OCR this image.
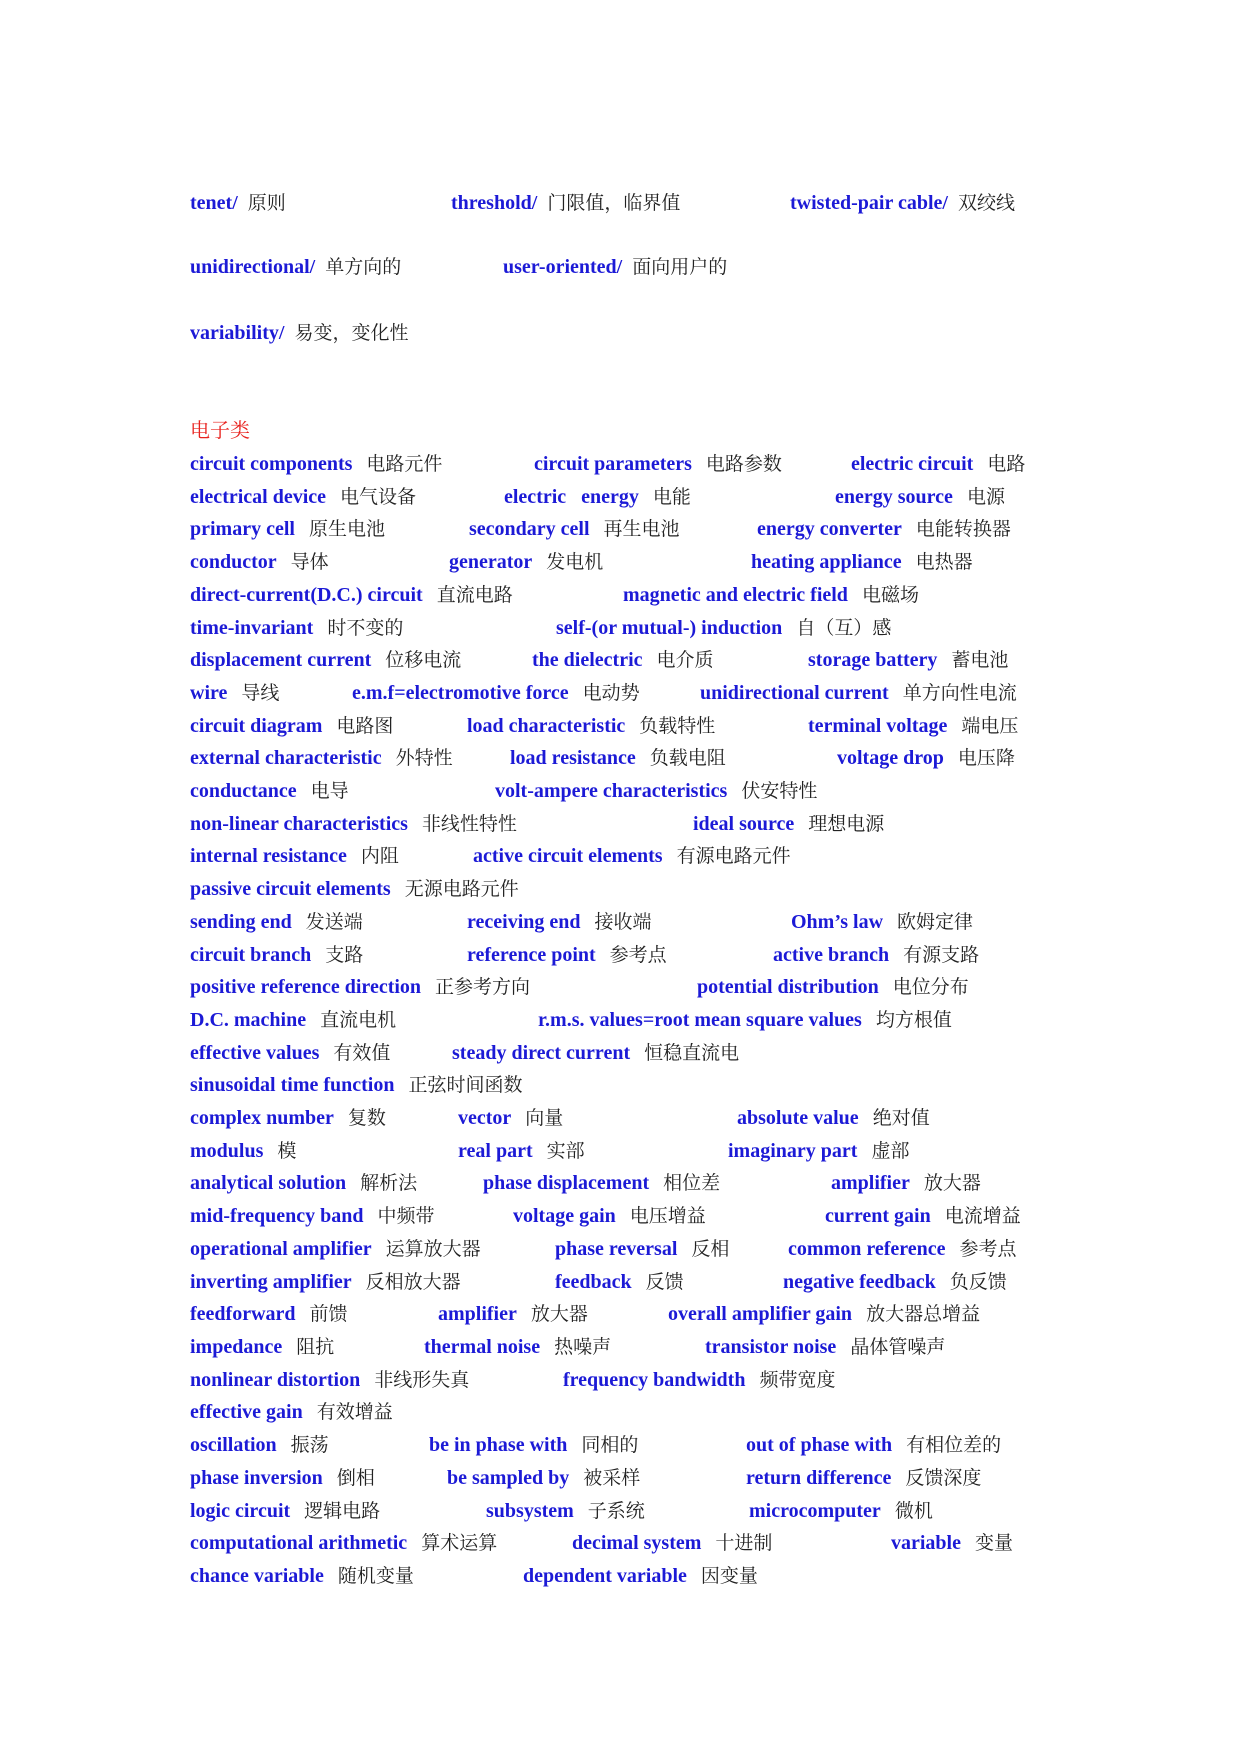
tenet/ 原则	threshold/ 门限值，临界值	twisted-pair cable/ 双绞线
unidirectional/ 单方向的	user-oriented/ 面向用户的
variability/ 易变，变化性
电子类
circuit components 电路元件	circuit parameters 电路参数	electric circuit 电路
electrical device 电气设备	electric energy 电能	energy source 电源
primary cell 原生电池	secondary cell 再生电池	energy converter 电能转换器
conductor 导体	generator 发电机	heating appliance 电热器
direct-current(D.C.) circuit 直流电路	magnetic and electric field 电磁场
time-invariant 时不变的	self-(or mutual-) induction 自（互）感
displacement current 位移电流	the dielectric 电介质	storage battery 蓄电池
wire 导线	e.m.f=electromotive force 电动势	unidirectional current 单方向性电流
circuit diagram 电路图	load characteristic 负载特性	terminal voltage 端电压
external characteristic 外特性	load resistance 负载电阻	voltage drop 电压降
conductance 电导	volt-ampere characteristics 伏安特性
non-linear characteristics 非线性特性	ideal source 理想电源
internal resistance 内阻	active circuit elements 有源电路元件
passive circuit elements 无源电路元件
sending end 发送端	receiving end 接收端	Ohm’s law 欧姆定律
circuit branch 支路	reference point 参考点	active branch 有源支路
positive reference direction 正参考方向	potential distribution 电位分布
D.C. machine 直流电机	r.m.s. values=root mean square values 均方根值
effective values 有效值	steady direct current 恒稳直流电
sinusoidal time function 正弦时间函数
complex number 复数	vector 向量	absolute value 绝对值
modulus 模	real part 实部	imaginary part 虚部
analytical solution 解析法	phase displacement 相位差	amplifier 放大器
mid-frequency band 中频带	voltage gain 电压增益	current gain 电流增益
operational amplifier 运算放大器	phase reversal 反相	common reference 参考点
inverting amplifier 反相放大器	feedback 反馈	negative feedback 负反馈
feedforward 前馈	amplifier 放大器	overall amplifier gain 放大器总增益
impedance 阻抗	thermal noise 热噪声	transistor noise 晶体管噪声
nonlinear distortion 非线形失真	frequency bandwidth 频带宽度
effective gain 有效增益
oscillation 振荡	be in phase with 同相的	out of phase with 有相位差的
phase inversion 倒相	be sampled by 被采样	return difference 反馈深度
logic circuit 逻辑电路	subsystem 子系统	microcomputer 微机
computational arithmetic 算术运算	decimal system 十进制	variable 变量
chance variable 随机变量	dependent variable 因变量
